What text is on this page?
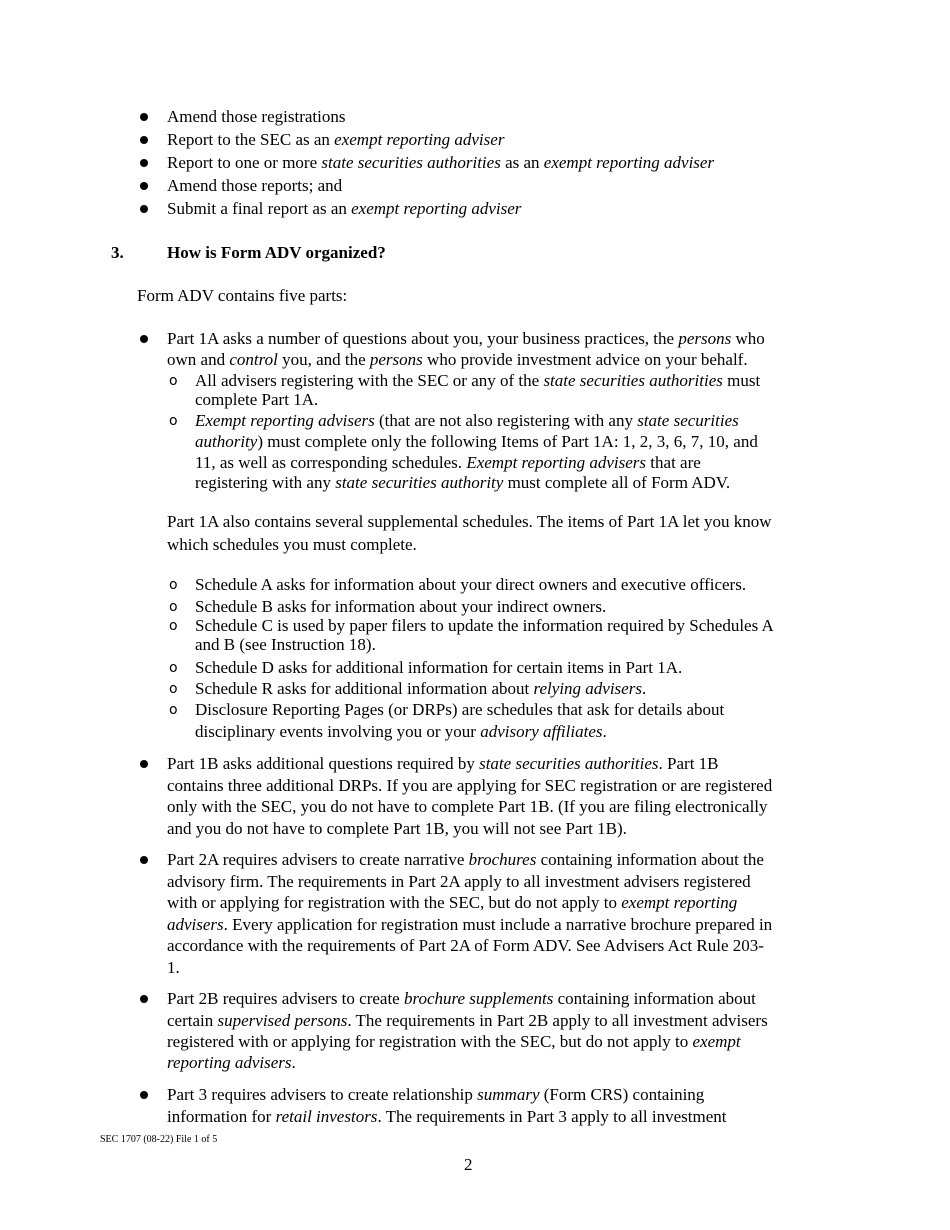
Amend those registrations
Report to the SEC as an exempt reporting adviser
Report to one or more state securities authorities as an exempt reporting adviser
Amend those reports; and
Submit a final report as an exempt reporting adviser
3.	How is Form ADV organized?
Form ADV contains five parts:
Part 1A asks a number of questions about you, your business practices, the persons who
own and control you, and the persons who provide investment advice on your behalf.
o All advisers registering with the SEC or any of the state securities authorities must
complete Part 1A.
o Exempt reporting advisers (that are not also registering with any state securities
authority) must complete only the following Items of Part 1A: 1, 2, 3, 6, 7, 10, and
11, as well as corresponding schedules. Exempt reporting advisers that are
registering with any state securities authority must complete all of Form ADV.
Part 1A also contains several supplemental schedules. The items of Part 1A let you know
which schedules you must complete.
o Schedule A asks for information about your direct owners and executive officers.
o Schedule B asks for information about your indirect owners.
o Schedule C is used by paper filers to update the information required by Schedules A
and B (see Instruction 18).
o Schedule D asks for additional information for certain items in Part 1A.
o Schedule R asks for additional information about relying advisers.
o Disclosure Reporting Pages (or DRPs) are schedules that ask for details about
disciplinary events involving you or your advisory affiliates.
Part 1B asks additional questions required by state securities authorities. Part 1B
contains three additional DRPs. If you are applying for SEC registration or are registered
only with the SEC, you do not have to complete Part 1B. (If you are filing electronically
and you do not have to complete Part 1B, you will not see Part 1B).
Part 2A requires advisers to create narrative brochures containing information about the
advisory firm. The requirements in Part 2A apply to all investment advisers registered
with or applying for registration with the SEC, but do not apply to exempt reporting
advisers. Every application for registration must include a narrative brochure prepared in
accordance with the requirements of Part 2A of Form ADV. See Advisers Act Rule 203-
1.
Part 2B requires advisers to create brochure supplements containing information about
certain supervised persons. The requirements in Part 2B apply to all investment advisers
registered with or applying for registration with the SEC, but do not apply to exempt
reporting advisers.
Part 3 requires advisers to create relationship summary (Form CRS) containing
information for retail investors. The requirements in Part 3 apply to all investment
SEC 1707 (08-22) File 1 of 5
2
